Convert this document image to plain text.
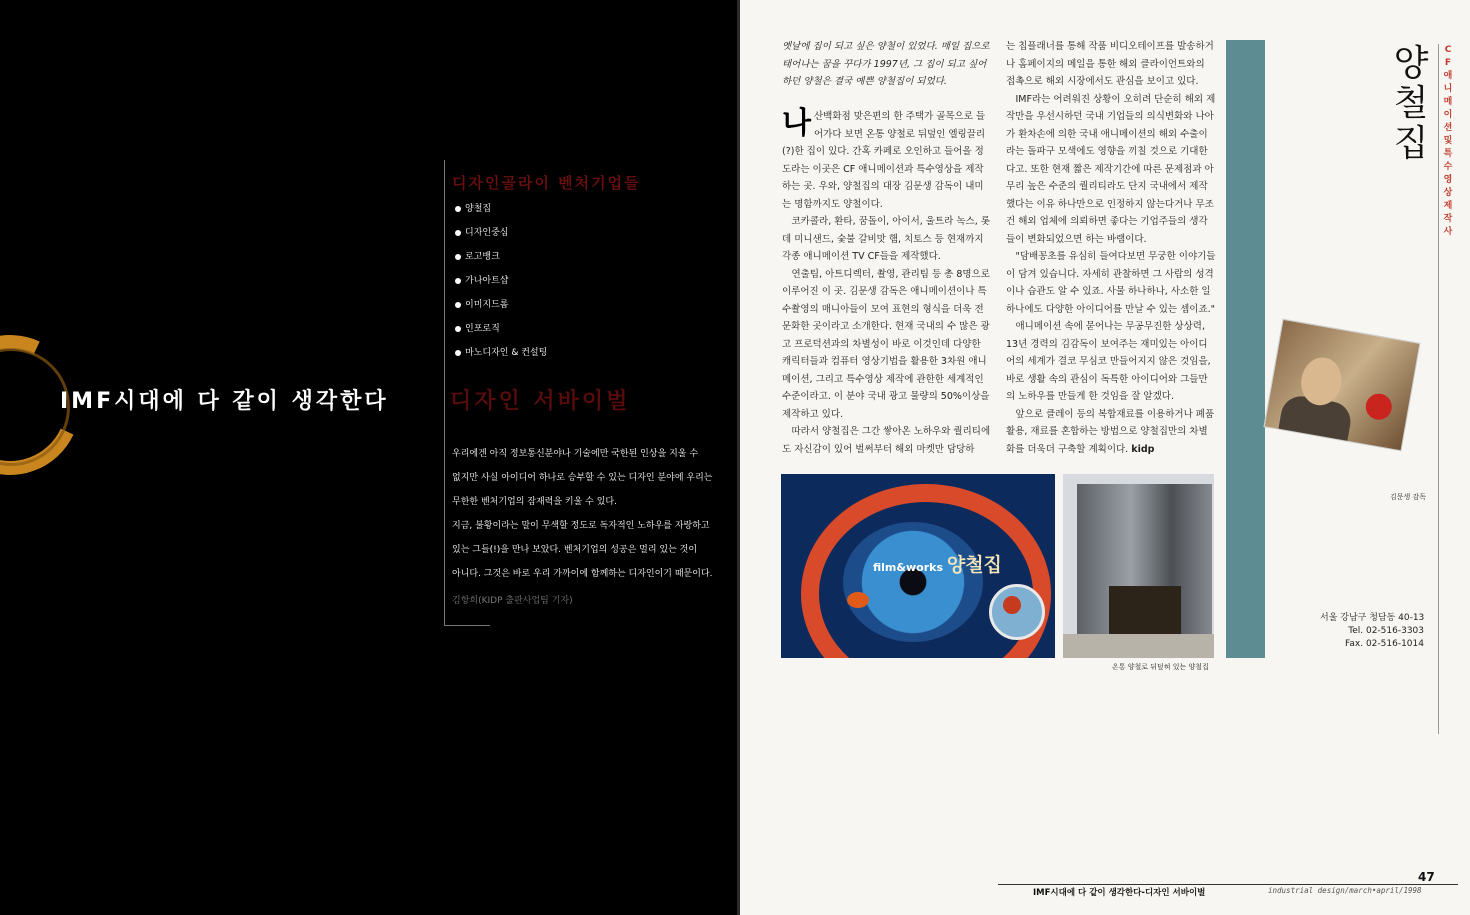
IMF시대에 다 같이 생각한다	디자인 서바이벌
디자인골라이 벤처기업들
양철집
디자인중심
로고뱅크
가나아트샵
이미지드롬
인포로직
마노디자인 & 컨설팅

우리에겐 아직 정보통신분야나 기술에만 국한된 인상을 지울 수

없지만 사실 아이디어 하나로 승부할 수 있는 디자인 분야에 우리는

무한한 벤처기업의 잠재력을 키울 수 있다.

지금, 불황이라는 말이 무색할 정도로 독자적인 노하우를 자랑하고

있는 그들(!)을 만나 보았다. 벤처기업의 성공은 멀리 있는 것이

아니다. 그것은 바로 우리 가까이에 함께하는 디자인이기 때문이다.

김항희(KIDP 출판사업팀 기자)
옛날에 집이 되고 싶은 양철이 있었다. 매일 집으로 태어나는 꿈을 꾸다가 1997년, 그 집이 되고 싶어하던 양철은 결국 예쁜 양철집이 되었다.

나산백화점 맞은편의 한 주택가 골목으로 들어가다 보면 온통 양철로 뒤덮인 엘링끌리(?)한 집이 있다. 간혹 카페로 오인하고 들어올 정도라는 이곳은 CF 애니메이션과 특수영상을 제작하는 곳. 우와, 양철집의 대장 김문생 감독이 내미는 명함까지도 양철이다.

코카콜라, 환타, 꿈돌이, 아이서, 울트라 녹스, 롯데 미니샌드, 숯불 갈비맛 햄, 치토스 등 현재까지 각종 애니메이션 TV CF들을 제작했다.

연출팀, 아트디렉터, 촬영, 관리팀 등 총 8명으로 이루어진 이 곳. 김문생 감독은 애니메이션이나 특수촬영의 매니아들이 모여 표현의 형식을 더욱 전문화한 곳이라고 소개한다. 현재 국내의 수 많은 광고 프로덕션과의 차별성이 바로 이것인데 다양한 캐릭터들과 컴퓨터 영상기법을 활용한 3차원 애니메이션, 그리고 특수영상 제작에 관한한 세계적인 수준이라고. 이 분야 국내 광고 물량의 50%이상을 제작하고 있다.

따라서 양철집은 그간 쌓아온 노하우와 퀄리티에도 자신감이 있어 벌써부터 해외 마켓만 담당하

는 칩플래너를 통해 작품 비디오테이프를 발송하거나 홈페이지의 메일을 통한 해외 클라이언트와의 접촉으로 해외 시장에서도 관심을 보이고 있다.

IMF라는 어려워진 상황이 오히려 단순히 해외 제작만을 우선시하던 국내 기업들의 의식변화와 나아가 환차손에 의한 국내 애니메이션의 해외 수출이라는 돌파구 모색에도 영향을 끼칠 것으로 기대한다고. 또한 현재 짧은 제작기간에 따른 문제점과 아무리 높은 수준의 퀄리티라도 단지 국내에서 제작했다는 이유 하나만으로 인정하지 않는다거나 무조건 해외 업체에 의뢰하면 좋다는 기업주들의 생각들이 변화되었으면 하는 바램이다.

"담배꽁초를 유심히 들여다보면 무궁한 이야기들이 담겨 있습니다. 자세히 관찰하면 그 사람의 성격이나 습관도 알 수 있죠. 사물 하나하나, 사소한 일 하나에도 다양한 아이디어를 만날 수 있는 셈이죠."

애니메이션 속에 묻어나는 무공무진한 상상력, 13년 경력의 김감독이 보여주는 재미있는 아이디어의 세계가 결코 무심코 만들어지지 않은 것임을, 바로 생활 속의 관심이 독특한 아이디어와 그들만의 노하우를 만들게 한 것임을 잘 알겠다.

앞으로 클레이 등의 복합재료를 이용하거나 폐품 활용, 재료를 혼합하는 방법으로 양철집만의 차별화를 더욱더 구축할 계획이다. kidp

양
철
집
C
F
애
니
메
이
션
및
특
수
영
상
제
작
사
film&works 양철집
온통 양철로 뒤덮혀 있는 양철집
김문생 감독

서울 강남구 청담동 40-13

Tel. 02-516-3303

Fax. 02-516-1014

47
IMF시대에 다 같이 생각한다-디자인 서바이벌	industrial design/march•april/1998
